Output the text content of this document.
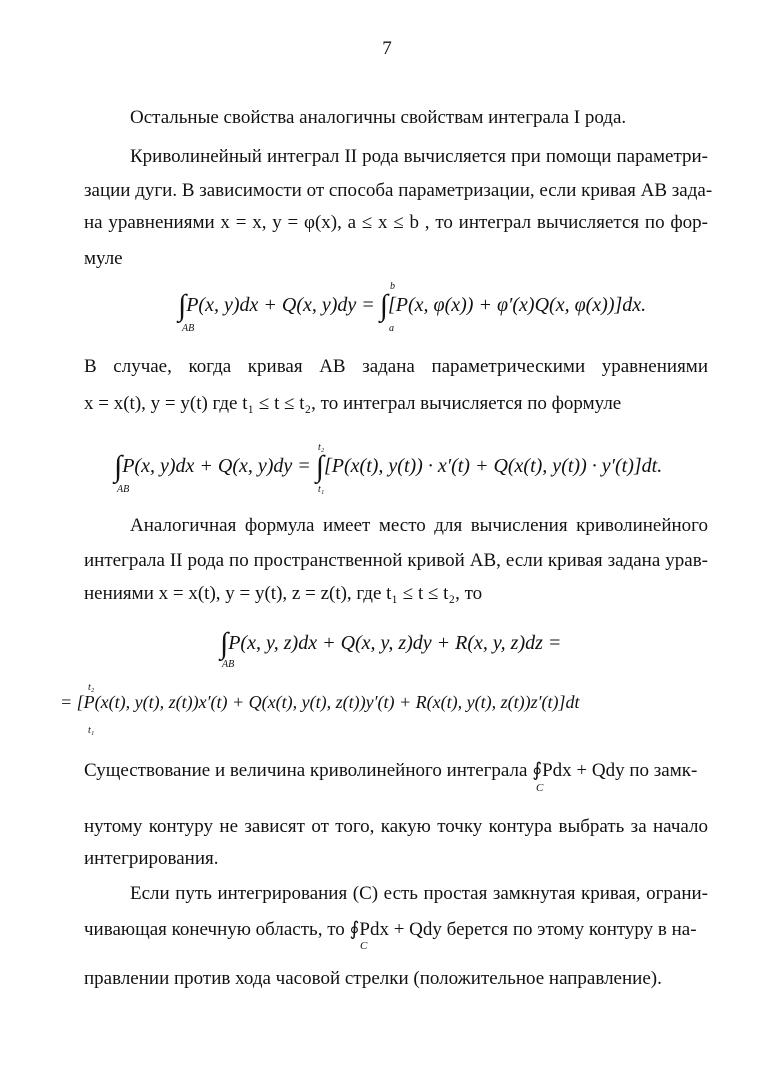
7
Остальные свойства аналогичны свойствам интеграла I рода.
Криволинейный интеграл II рода вычисляется при помощи параметри-
зации дуги. В зависимости от способа параметризации, если кривая AB зада-
на уравнениями x = x, y = φ(x), a ≤ x ≤ b , то интеграл вычисляется по фор-
муле
∫P(x, y)dx + Q(x, y)dy = ∫[P(x, φ(x)) + φ′(x)Q(x, φ(x))]dx.
AB
b
a
В случае, когда кривая AB задана параметрическими уравнениями
x = x(t), y = y(t) где t₁ ≤ t ≤ t₂, то интеграл вычисляется по формуле
∫P(x, y)dx + Q(x, y)dy = ∫[P(x(t), y(t)) · x′(t) + Q(x(t), y(t)) · y′(t)]dt.
AB
t₂
t₁
Аналогичная формула имеет место для вычисления криволинейного
интеграла II рода по пространственной кривой AB, если кривая задана урав-
нениями x = x(t), y = y(t), z = z(t), где t₁ ≤ t ≤ t₂, то
∫P(x, y, z)dx + Q(x, y, z)dy + R(x, y, z)dz =
AB
= [P(x(t), y(t), z(t))x′(t) + Q(x(t), y(t), z(t))y′(t) + R(x(t), y(t), z(t))z′(t)]dt
t₂
t₁
Существование и величина криволинейного интеграла ∮Pdx + Qdy по замк-
C
нутому контуру не зависят от того, какую точку контура выбрать за начало
интегрирования.
Если путь интегрирования (C) есть простая замкнутая кривая, ограни-
чивающая конечную область, то ∮Pdx + Qdy берется по этому контуру в на-
C
правлении против хода часовой стрелки (положительное направление).
